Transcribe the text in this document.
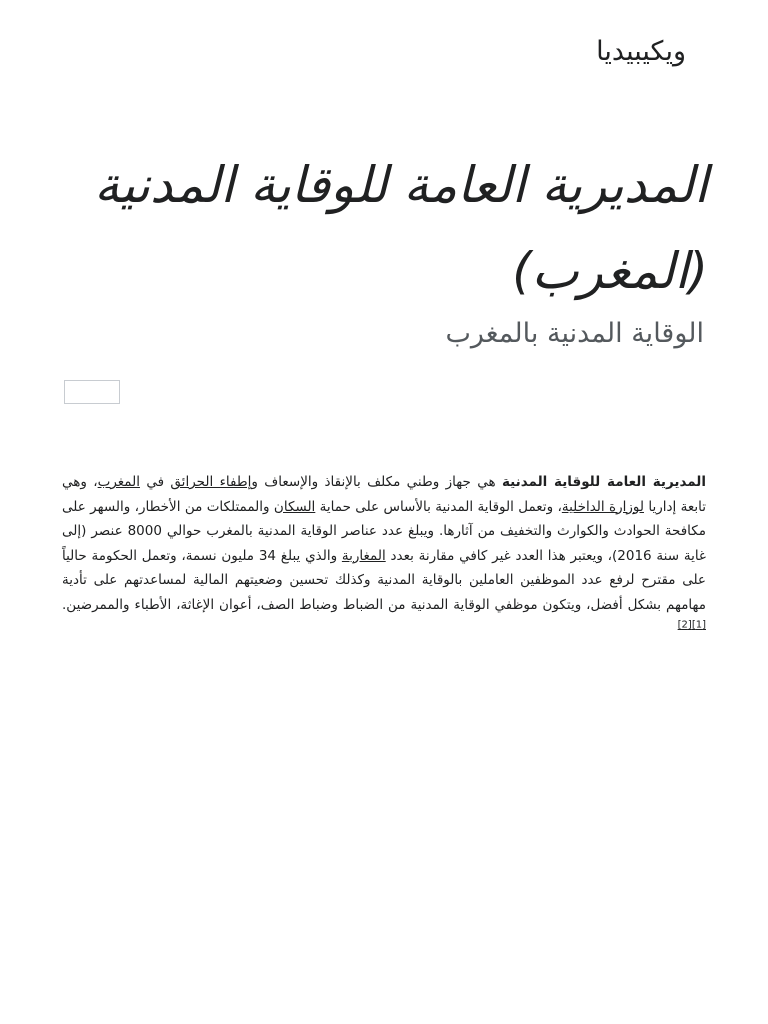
ويكيبيديا
المديرية العامة للوقاية المدنية (المغرب)
الوقاية المدنية بالمغرب

المديرية العامة للوقاية المدنية هي جهاز وطني مكلف بالإنقاذ والإسعاف وإطفاء الحرائق في المغرب، وهي تابعة إداريا لوزارة الداخلية، وتعمل الوقاية المدنية بالأساس على حماية السكان والممتلكات من الأخطار، والسهر على مكافحة الحوادث والكوارث والتخفيف من آثارها. ويبلغ عدد عناصر الوقاية المدنية بالمغرب حوالي 8000 عنصر (إلى غاية سنة 2016)، ويعتبر هذا العدد غير كافي مقارنة بعدد المغاربة والذي يبلغ 34 مليون نسمة، وتعمل الحكومة حالياً على مقترح لرفع عدد الموظفين العاملين بالوقاية المدنية وكذلك تحسين وضعيتهم المالية لمساعدتهم على تأدية مهامهم بشكل أفضل، ويتكون موظفي الوقاية المدنية من الضباط وضباط الصف، أعوان الإغاثة، الأطباء والممرضين.[1][2]
